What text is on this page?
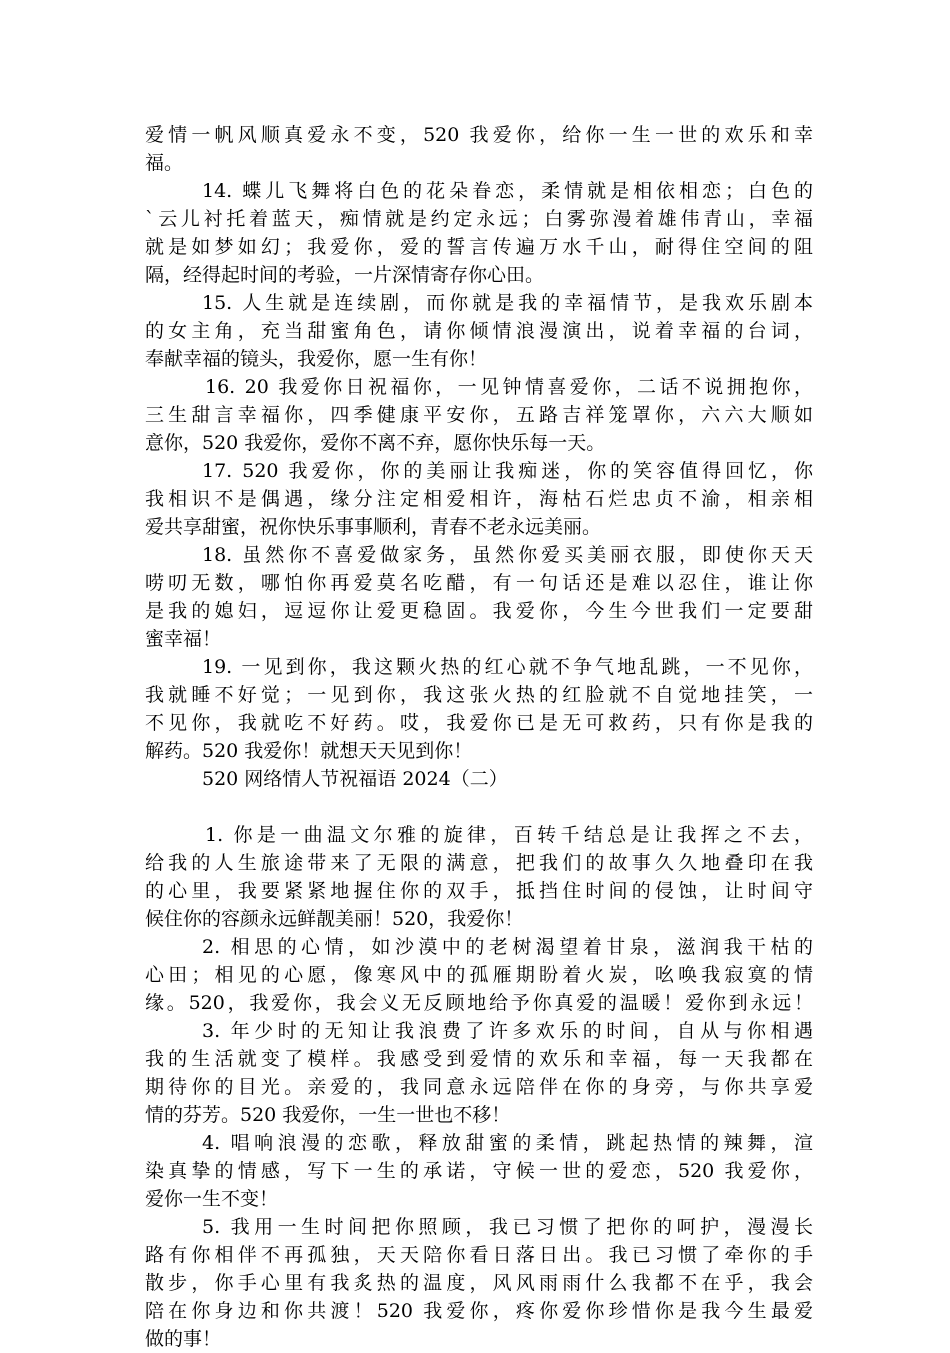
爱情一帆风顺真爱永不变，520 我爱你，给你一生一世的欢乐和幸
福。
14. 蝶儿飞舞将白色的花朵眷恋，柔情就是相依相恋；白色的
`云儿衬托着蓝天，痴情就是约定永远；白雾弥漫着雄伟青山，幸福
就是如梦如幻；我爱你，爱的誓言传遍万水千山，耐得住空间的阻
隔，经得起时间的考验，一片深情寄存你心田。
15. 人生就是连续剧，而你就是我的幸福情节，是我欢乐剧本
的女主角，充当甜蜜角色，请你倾情浪漫演出，说着幸福的台词，
奉献幸福的镜头，我爱你，愿一生有你！
16. 20 我爱你日祝福你，一见钟情喜爱你，二话不说拥抱你，
三生甜言幸福你，四季健康平安你，五路吉祥笼罩你，六六大顺如
意你，520 我爱你，爱你不离不弃，愿你快乐每一天。
17. 520 我爱你，你的美丽让我痴迷，你的笑容值得回忆，你
我相识不是偶遇，缘分注定相爱相许，海枯石烂忠贞不渝，相亲相
爱共享甜蜜，祝你快乐事事顺利，青春不老永远美丽。
18. 虽然你不喜爱做家务，虽然你爱买美丽衣服，即使你天天
唠叨无数，哪怕你再爱莫名吃醋，有一句话还是难以忍住，谁让你
是我的媳妇，逗逗你让爱更稳固。我爱你，今生今世我们一定要甜
蜜幸福！
19. 一见到你，我这颗火热的红心就不争气地乱跳，一不见你，
我就睡不好觉；一见到你，我这张火热的红脸就不自觉地挂笑，一
不见你，我就吃不好药。哎，我爱你已是无可救药，只有你是我的
解药。520 我爱你！就想天天见到你！
520 网络情人节祝福语 2024（二）
1. 你是一曲温文尔雅的旋律，百转千结总是让我挥之不去，
给我的人生旅途带来了无限的满意，把我们的故事久久地叠印在我
的心里，我要紧紧地握住你的双手，抵挡住时间的侵蚀，让时间守
候住你的容颜永远鲜靓美丽！520，我爱你！
2. 相思的心情，如沙漠中的老树渴望着甘泉，滋润我干枯的
心田；相见的心愿，像寒风中的孤雁期盼着火炭，吆唤我寂寞的情
缘。520，我爱你，我会义无反顾地给予你真爱的温暖！爱你到永远！
3. 年少时的无知让我浪费了许多欢乐的时间，自从与你相遇
我的生活就变了模样。我感受到爱情的欢乐和幸福，每一天我都在
期待你的目光。亲爱的，我同意永远陪伴在你的身旁，与你共享爱
情的芬芳。520 我爱你，一生一世也不移！
4. 唱响浪漫的恋歌，释放甜蜜的柔情，跳起热情的辣舞，渲
染真挚的情感，写下一生的承诺，守候一世的爱恋，520 我爱你，
爱你一生不变！
5. 我用一生时间把你照顾，我已习惯了把你的呵护，漫漫长
路有你相伴不再孤独，天天陪你看日落日出。我已习惯了牵你的手
散步，你手心里有我炙热的温度，风风雨雨什么我都不在乎，我会
陪在你身边和你共渡！520 我爱你，疼你爱你珍惜你是我今生最爱
做的事！
